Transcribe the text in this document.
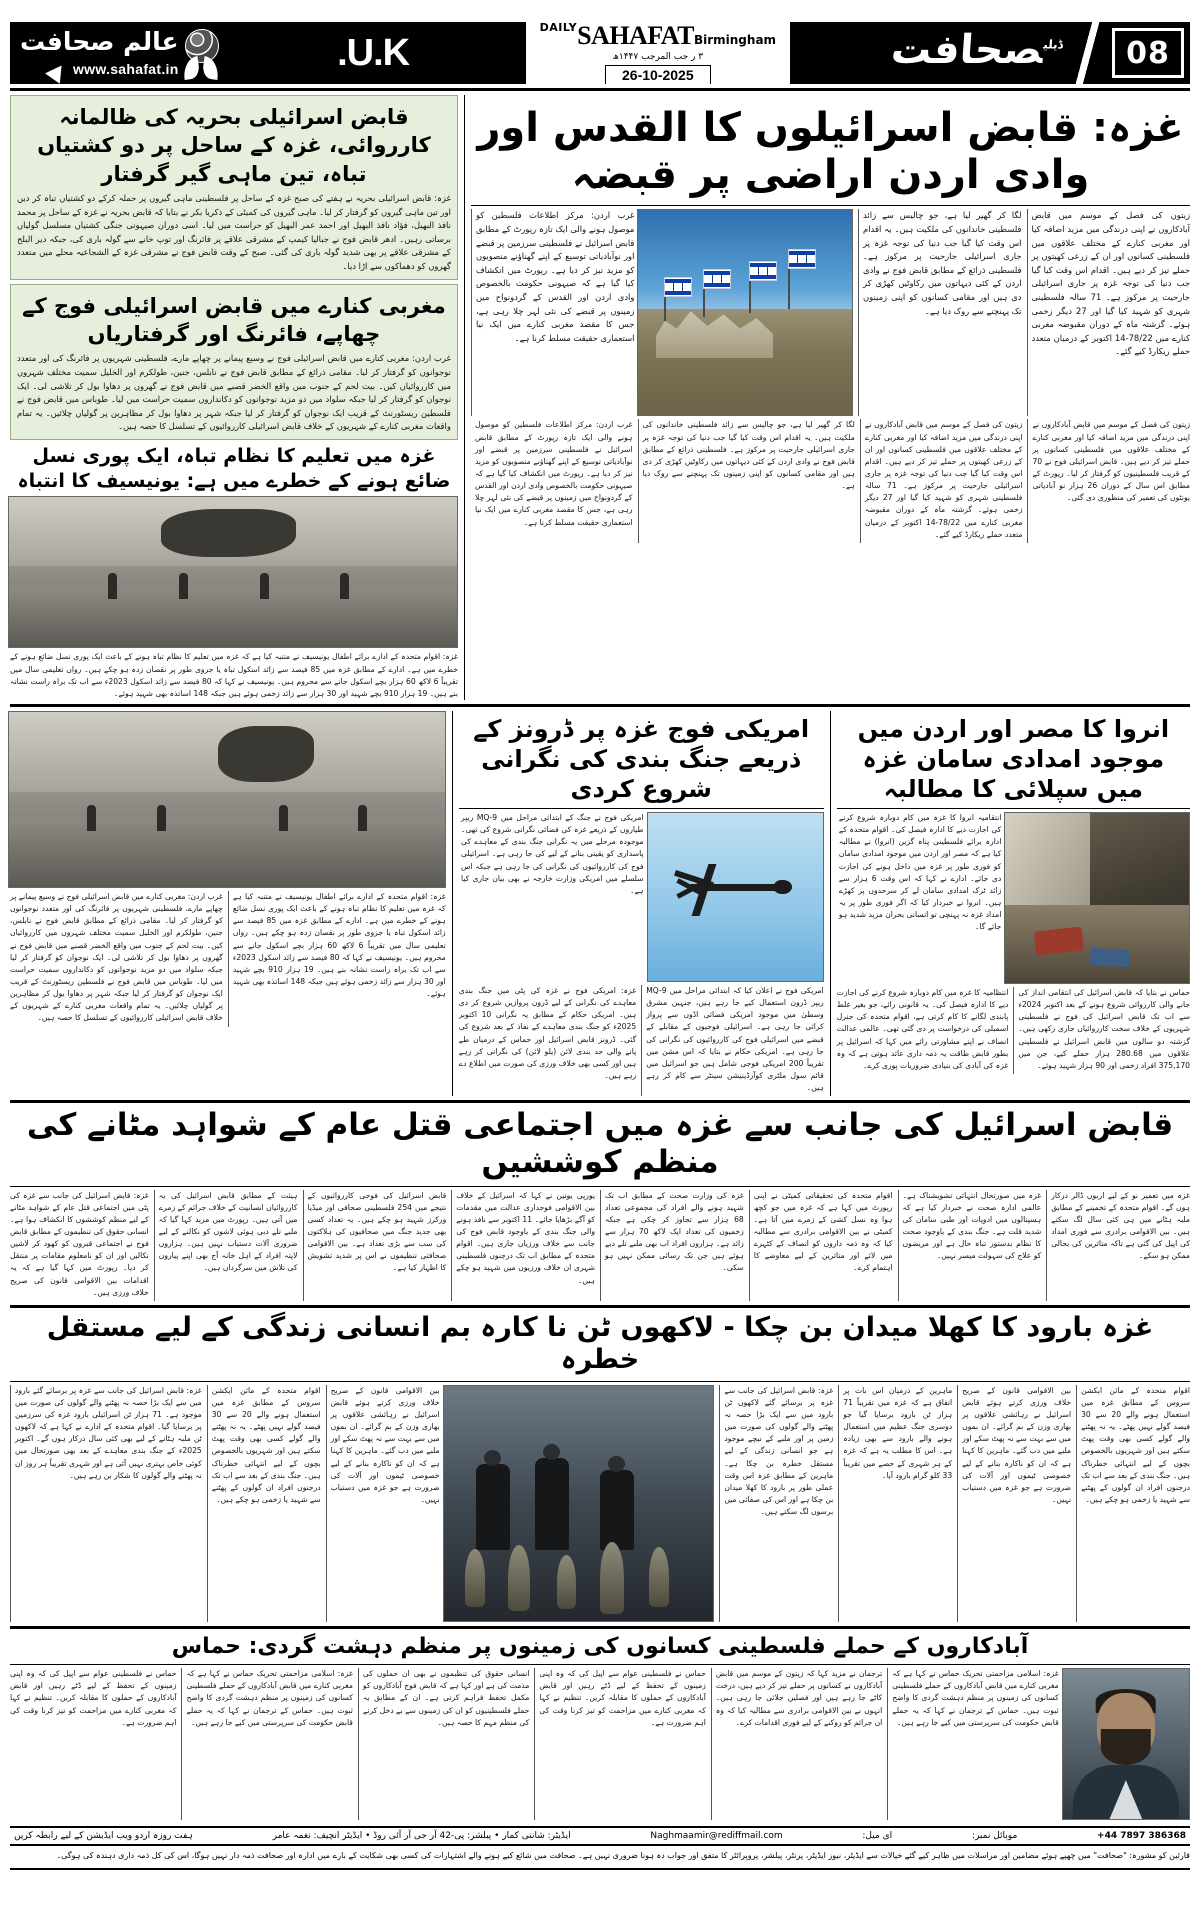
08
$^{ڈیلی}$صحافت
$^{DAILY}$SAHAFATBirmingham
۳ ر جب المرجب ۱۴۴۷ھ
26-10-2025
U.K.
عالم صحافت
www.sahafat.in
غزہ: قابض اسرائیلوں کا القدس اور وادی اردن اراضی پر قبضہ

زیتون کی فصل کے موسم میں قابض آبادکاروں نے اپنی درندگی میں مزید اضافہ کیا اور مغربی کنارے کے مختلف علاقوں میں فلسطینی کسانوں اور ان کے زرعی کھیتوں پر حملے تیز کر دیے ہیں۔ اقدام اس وقت کیا گیا جب دنیا کی توجہ غزہ پر جاری اسرائیلی جارحیت پر مرکوز ہے۔ 71 سالہ فلسطینی شہری کو شہید کیا گیا اور 27 دیگر زخمی ہوئے۔ گزشتہ ماہ کے دوران مقبوضہ مغربی کنارے میں 78/22-14 اکتوبر کے درمیان متعدد حملے ریکارڈ کیے گئے۔

لگا کر گھیر لیا ہے، جو چالیس سے زائد فلسطینی خاندانوں کی ملکیت ہیں۔ یہ اقدام اس وقت کیا گیا جب دنیا کی توجہ غزہ پر جاری اسرائیلی جارحیت پر مرکوز ہے۔ فلسطینی ذرائع کے مطابق قابض فوج نے وادی اردن کے کئی دیہاتوں میں رکاوٹیں کھڑی کر دی ہیں اور مقامی کسانوں کو اپنی زمینوں تک پہنچنے سے روک دیا ہے۔

غرب اردن: مرکز اطلاعات فلسطین کو موصول ہونے والی ایک تازہ رپورٹ کے مطابق قابض اسرائیل نے فلسطینی سرزمین پر قبضے اور نوآبادیاتی توسیع کے اپنے گھناؤنے منصوبوں کو مزید تیز کر دیا ہے۔ رپورٹ میں انکشاف کیا گیا ہے کہ صیہونی حکومت بالخصوص وادی اردن اور القدس کے گردونواح میں زمینوں پر قبضے کی نئی لہر چلا رہی ہے، جس کا مقصد مغربی کنارے میں ایک نیا استعماری حقیقت مسلط کرنا ہے۔

زیتون کی فصل کے موسم میں قابض آبادکاروں نے اپنی درندگی میں مزید اضافہ کیا اور مغربی کنارے کے مختلف علاقوں میں فلسطینی کسانوں پر حملے تیز کر دیے ہیں۔ قابض اسرائیلی فوج نے 70 کے قریب فلسطینیوں کو گرفتار کر لیا۔ رپورٹ کے مطابق اس سال کے دوران 26 ہزار نو آبادیاتی یونٹوں کی تعمیر کی منظوری دی گئی۔

زیتون کی فصل کے موسم میں قابض آبادکاروں نے اپنی درندگی میں مزید اضافہ کیا اور مغربی کنارے کے مختلف علاقوں میں فلسطینی کسانوں اور ان کے زرعی کھیتوں پر حملے تیز کر دیے ہیں۔ اقدام اس وقت کیا گیا جب دنیا کی توجہ غزہ پر جاری اسرائیلی جارحیت پر مرکوز ہے۔ 71 سالہ فلسطینی شہری کو شہید کیا گیا اور 27 دیگر زخمی ہوئے۔ گزشتہ ماہ کے دوران مقبوضہ مغربی کنارے میں 78/22-14 اکتوبر کے درمیان متعدد حملے ریکارڈ کیے گئے۔

لگا کر گھیر لیا ہے، جو چالیس سے زائد فلسطینی خاندانوں کی ملکیت ہیں۔ یہ اقدام اس وقت کیا گیا جب دنیا کی توجہ غزہ پر جاری اسرائیلی جارحیت پر مرکوز ہے۔ فلسطینی ذرائع کے مطابق قابض فوج نے وادی اردن کے کئی دیہاتوں میں رکاوٹیں کھڑی کر دی ہیں اور مقامی کسانوں کو اپنی زمینوں تک پہنچنے سے روک دیا ہے۔

غرب اردن: مرکز اطلاعات فلسطین کو موصول ہونے والی ایک تازہ رپورٹ کے مطابق قابض اسرائیل نے فلسطینی سرزمین پر قبضے اور نوآبادیاتی توسیع کے اپنے گھناؤنے منصوبوں کو مزید تیز کر دیا ہے۔ رپورٹ میں انکشاف کیا گیا ہے کہ صیہونی حکومت بالخصوص وادی اردن اور القدس کے گردونواح میں زمینوں پر قبضے کی نئی لہر چلا رہی ہے، جس کا مقصد مغربی کنارے میں ایک نیا استعماری حقیقت مسلط کرنا ہے۔

قابض اسرائیلی بحریہ کی ظالمانہ کارروائی، غزہ کے ساحل پر دو کشتیاں تباہ، تین ماہی گیر گرفتار
غزہ: قابض اسرائیلی بحریہ نے ہفتے کی صبح غزہ کے ساحل پر فلسطینی ماہی گیروں پر حملہ کرکے دو کشتیاں تباہ کر دیں اور تین ماہی گیروں کو گرفتار کر لیا۔ ماہی گیروں کی کمیٹی کے ذکریا بکر نے بتایا کہ قابض بحریہ نے غزہ کے ساحل پر محمد نافذ البھیل، فؤاد نافذ البھیل اور احمد عمر البھیل کو حراست میں لیا۔ اسی دوران صیہونی جنگی کشتیاں مسلسل گولیاں برساتی رہیں۔ ادھر قابض فوج نے جبالیا کیمپ کے مشرقی علاقے پر فائرنگ اور توپ خانے سے گولہ باری کی، جبکہ دیر البلح کے مشرقی علاقے پر بھی شدید گولہ باری کی گئی۔ صبح کے وقت قابض فوج نے مشرقی غزہ کے الشجاعیہ محلے میں متعدد گھروں کو دھماکوں سے اڑا دیا۔
مغربی کنارے میں قابض اسرائیلی فوج کے چھاپے، فائرنگ اور گرفتاریاں
غرب اردن: مغربی کنارے میں قابض اسرائیلی فوج نے وسیع پیمانے پر چھاپے مارے، فلسطینی شہریوں پر فائرنگ کی اور متعدد نوجوانوں کو گرفتار کر لیا۔ مقامی ذرائع کے مطابق قابض فوج نے نابلس، جنین، طولکرم اور الخلیل سمیت مختلف شہروں میں کارروائیاں کیں۔ بیت لحم کے جنوب میں واقع الخضر قصبے میں قابض فوج نے گھروں پر دھاوا بول کر تلاشی لی۔ ایک نوجوان کو گرفتار کر لیا جبکہ سلواد میں دو مزید نوجوانوں کو دکانداروں سمیت حراست میں لیا۔ طوباس میں قابض فوج نے فلسطین ریسٹورنٹ کے قریب ایک نوجوان کو گرفتار کر لیا جبکہ شہر پر دھاوا بول کر مظاہرین پر گولیاں چلائیں۔ یہ تمام واقعات مغربی کنارے کے شہریوں کے خلاف قابض اسرائیلی کارروائیوں کے تسلسل کا حصہ ہیں۔
غزہ میں تعلیم کا نظام تباہ، ایک پوری نسل ضائع ہونے کے خطرے میں ہے: یونیسیف کا انتباہ
غزہ: اقوام متحدہ کے ادارے برائے اطفال یونیسیف نے متنبہ کیا ہے کہ غزہ میں تعلیم کا نظام تباہ ہونے کے باعث ایک پوری نسل ضائع ہونے کے خطرے میں ہے۔ ادارے کے مطابق غزہ میں 85 فیصد سے زائد اسکول تباہ یا جزوی طور پر نقصان زدہ ہو چکے ہیں۔ رواں تعلیمی سال میں تقریباً 6 لاکھ 60 ہزار بچے اسکول جانے سے محروم ہیں۔ یونیسیف نے کہا کہ 80 فیصد سے زائد اسکول 2023ء سے اب تک براہ راست نشانہ بنے ہیں۔ 19 ہزار 910 بچے شہید اور 30 ہزار سے زائد زخمی ہوئے ہیں جبکہ 148 اساتذہ بھی شہید ہوئے۔
انروا کا مصر اور اردن میں موجود امدادی سامان غزہ میں سپلائی کا مطالبہ

انتقامیہ انروا کا غزہ میں کام دوبارہ شروع کرنے کی اجازت دیے کا ادارہ فیصل کی۔ اقوام متحدہ کے ادارہ برائے فلسطینی پناہ گزین (انروا) نے مطالبہ کیا ہے کہ مصر اور اردن میں موجود امدادی سامان کو فوری طور پر غزہ میں داخل ہونے کی اجازت دی جائے۔ ادارے نے کہا کہ اس وقت 6 ہزار سے زائد ٹرک امدادی سامان لے کر سرحدوں پر کھڑے ہیں۔ انروا نے خبردار کیا کہ اگر فوری طور پر یہ امداد غزہ نہ پہنچی تو انسانی بحران مزید شدید ہو جائے گا۔

حماس نے بتایا کہ قابض اسرائیل کی انتقامی انداز کی جانے والی کارروائی شروع ہونے کے بعد اکتوبر 2024ء سے اب تک قابض اسرائیل کی فوج نے فلسطینی شہریوں کے خلاف سخت کارروائیاں جاری رکھی ہیں۔ گزشتہ دو سالوں میں قابض اسرائیل نے فلسطینی علاقوں میں 280.68 ہزار حملے کیے، جن میں 375,170 افراد زخمی اور 90 ہزار شہید ہوئے۔

انتظامیہ کا غزہ میں کام دوبارہ شروع کرنے کی اجازت دیے کا ادارہ فیصل کی۔ یہ قانونی رائے، جو بغیر غلط پابندی لگانے کا کام کرتی ہے، اقوام متحدہ کی جنرل اسمبلی کی درخواست پر دی گئی تھی۔ عالمی عدالت انصاف نے اپنے مشاورتی رائے میں کہا کہ اسرائیل پر بطور قابض طاقت یہ ذمہ داری عائد ہوتی ہے کہ وہ غزہ کی آبادی کی بنیادی ضروریات پوری کرے۔

امریکی فوج غزہ پر ڈرونز کے ذریعے جنگ بندی کی نگرانی شروع کردی

امریکی فوج نے جنگ کے ابتدائی مراحل میں MQ-9 ریپر طیاروں کے ذریعے غزہ کی فضائی نگرانی شروع کی تھی۔ موجودہ مرحلے میں یہ نگرانی جنگ بندی کے معاہدے کی پاسداری کو یقینی بنانے کے لیے کی جا رہی ہے۔ اسرائیلی فوج کی کارروائیوں کی نگرانی کی جا رہی ہے جبکہ اس سلسلے میں امریکی وزارت خارجہ نے بھی بیان جاری کیا ہے۔

امریکی فوج نے اعلان کیا کہ ابتدائی مراحل میں MQ-9 ریپر ڈرون استعمال کیے جا رہے ہیں، جنہیں مشرق وسطیٰ میں موجود امریکی فضائی اڈوں سے پرواز کرائی جا رہی ہے۔ اسرائیلی فوجیوں کے مقابلے کے قبضے میں اسرائیلی فوج کی کارروائیوں کی نگرانی کی جا رہی ہے۔ امریکی حکام نے بتایا کہ اس مشن میں تقریباً 200 امریکی فوجی شامل ہیں جو اسرائیل میں قائم سول ملٹری کوآرڈینیشن سینٹر سے کام کر رہے ہیں۔

غزہ: امریکی فوج نے غزہ کی پٹی میں جنگ بندی معاہدے کی نگرانی کے لیے ڈرون پروازیں شروع کر دی ہیں۔ امریکی حکام کے مطابق یہ نگرانی 10 اکتوبر 2025ء کو جنگ بندی معاہدے کے نفاذ کے بعد شروع کی گئی۔ ڈرونز قابض اسرائیل اور حماس کے درمیان طے پانے والی حد بندی لائن (یلو لائن) کی نگرانی کر رہے ہیں اور کسی بھی خلاف ورزی کی صورت میں اطلاع دے رہے ہیں۔

غزہ: اقوام متحدہ کے ادارے برائے اطفال یونیسیف نے متنبہ کیا ہے کہ غزہ میں تعلیم کا نظام تباہ ہونے کے باعث ایک پوری نسل ضائع ہونے کے خطرے میں ہے۔ ادارے کے مطابق غزہ میں 85 فیصد سے زائد اسکول تباہ یا جزوی طور پر نقصان زدہ ہو چکے ہیں۔ رواں تعلیمی سال میں تقریباً 6 لاکھ 60 ہزار بچے اسکول جانے سے محروم ہیں۔ یونیسیف نے کہا کہ 80 فیصد سے زائد اسکول 2023ء سے اب تک براہ راست نشانہ بنے ہیں۔ 19 ہزار 910 بچے شہید اور 30 ہزار سے زائد زخمی ہوئے ہیں جبکہ 148 اساتذہ بھی شہید ہوئے۔

غرب اردن: مغربی کنارے میں قابض اسرائیلی فوج نے وسیع پیمانے پر چھاپے مارے، فلسطینی شہریوں پر فائرنگ کی اور متعدد نوجوانوں کو گرفتار کر لیا۔ مقامی ذرائع کے مطابق قابض فوج نے نابلس، جنین، طولکرم اور الخلیل سمیت مختلف شہروں میں کارروائیاں کیں۔ بیت لحم کے جنوب میں واقع الخضر قصبے میں قابض فوج نے گھروں پر دھاوا بول کر تلاشی لی۔ ایک نوجوان کو گرفتار کر لیا جبکہ سلواد میں دو مزید نوجوانوں کو دکانداروں سمیت حراست میں لیا۔ طوباس میں قابض فوج نے فلسطین ریسٹورنٹ کے قریب ایک نوجوان کو گرفتار کر لیا جبکہ شہر پر دھاوا بول کر مظاہرین پر گولیاں چلائیں۔ یہ تمام واقعات مغربی کنارے کے شہریوں کے خلاف قابض اسرائیلی کارروائیوں کے تسلسل کا حصہ ہیں۔

قابض اسرائیل کی جانب سے غزہ میں اجتماعی قتل عام کے شواہد مٹانے کی منظم کوششیں

غزہ میں تعمیر نو کے لیے اربوں ڈالر درکار ہوں گے۔ اقوام متحدہ کے تخمینے کے مطابق ملبہ ہٹانے میں ہی کئی سال لگ سکتے ہیں۔ بین الاقوامی برادری سے فوری امداد کی اپیل کی گئی ہے تاکہ متاثرین کی بحالی ممکن ہو سکے۔

غزہ میں صورتحال انتہائی تشویشناک ہے۔ عالمی ادارہ صحت نے خبردار کیا ہے کہ ہسپتالوں میں ادویات اور طبی سامان کی شدید قلت ہے۔ جنگ بندی کے باوجود صحت کا نظام بدستور تباہ حال ہے اور مریضوں کو علاج کی سہولت میسر نہیں۔

اقوام متحدہ کی تحقیقاتی کمیٹی نے اپنی رپورٹ میں کہا ہے کہ غزہ میں جو کچھ ہوا وہ نسل کشی کے زمرے میں آتا ہے۔ کمیٹی نے بین الاقوامی برادری سے مطالبہ کیا کہ وہ ذمہ داروں کو انصاف کے کٹہرے میں لائے اور متاثرین کے لیے معاوضے کا اہتمام کرے۔

غزہ کی وزارت صحت کے مطابق اب تک شہید ہونے والے افراد کی مجموعی تعداد 68 ہزار سے تجاوز کر چکی ہے جبکہ زخمیوں کی تعداد ایک لاکھ 70 ہزار سے زائد ہے۔ ہزاروں افراد اب بھی ملبے تلے دبے ہوئے ہیں جن تک رسائی ممکن نہیں ہو سکی۔

یورپی یونین نے کہا کہ اسرائیل کے خلاف بین الاقوامی فوجداری عدالت میں مقدمات کو آگے بڑھایا جائے۔ 11 اکتوبر سے نافذ ہونے والی جنگ بندی کے باوجود قابض فوج کی جانب سے خلاف ورزیاں جاری ہیں۔ اقوام متحدہ کے مطابق اب تک درجنوں فلسطینی شہری ان خلاف ورزیوں میں شہید ہو چکے ہیں۔

قابض اسرائیل کی فوجی کارروائیوں کے نتیجے میں 254 فلسطینی صحافی اور میڈیا ورکرز شہید ہو چکے ہیں۔ یہ تعداد کسی بھی جدید جنگ میں صحافیوں کی ہلاکتوں کی سب سے بڑی تعداد ہے۔ بین الاقوامی صحافتی تنظیموں نے اس پر شدید تشویش کا اظہار کیا ہے۔

ہیئت کے مطابق قابض اسرائیل کی یہ کارروائیاں انسانیت کے خلاف جرائم کے زمرے میں آتی ہیں۔ رپورٹ میں مزید کہا گیا کہ ملبے تلے دبی ہوئی لاشوں کو نکالنے کے لیے ضروری آلات دستیاب نہیں ہیں۔ ہزاروں لاپتہ افراد کے اہل خانہ آج بھی اپنے پیاروں کی تلاش میں سرگرداں ہیں۔

غزہ: قابض اسرائیل کی جانب سے غزہ کی پٹی میں اجتماعی قتل عام کے شواہد مٹانے کے لیے منظم کوششوں کا انکشاف ہوا ہے۔ انسانی حقوق کی تنظیموں کے مطابق قابض فوج نے اجتماعی قبروں کو کھود کر لاشیں نکالیں اور ان کو نامعلوم مقامات پر منتقل کر دیا۔ رپورٹ میں کہا گیا ہے کہ یہ اقدامات بین الاقوامی قانون کی صریح خلاف ورزی ہیں۔

غزہ بارود کا کھلا میدان بن چکا - لاکھوں ٹن نا کارہ بم انسانی زندگی کے لیے مستقل خطرہ

اقوام متحدہ کے مائن ایکشن سروس کے مطابق غزہ میں استعمال ہونے والے 20 سے 30 فیصد گولے نہیں پھٹے۔ یہ نہ پھٹنے والے گولے کسی بھی وقت پھٹ سکتے ہیں اور شہریوں بالخصوص بچوں کے لیے انتہائی خطرناک ہیں۔ جنگ بندی کے بعد سے اب تک درجنوں افراد ان گولوں کے پھٹنے سے شہید یا زخمی ہو چکے ہیں۔

بین الاقوامی قانون کے صریح خلاف ورزی کرتے ہوئے قابض اسرائیل نے رہائشی علاقوں پر بھاری وزن کے بم گرائے۔ ان بموں میں سے بہت سے نہ پھٹ سکے اور ملبے میں دب گئے۔ ماہرین کا کہنا ہے کہ ان کو ناکارہ بنانے کے لیے خصوصی ٹیموں اور آلات کی ضرورت ہے جو غزہ میں دستیاب نہیں۔

ماہرین کے درمیان اس بات پر اتفاق ہے کہ غزہ میں تقریباً 71 ہزار ٹن بارود برسایا گیا جو دوسری جنگ عظیم میں استعمال ہونے والے بارود سے بھی زیادہ ہے۔ اس کا مطلب یہ ہے کہ غزہ کے ہر شہری کے حصے میں تقریباً 33 کلو گرام بارود آیا۔

غزہ: قابض اسرائیل کی جانب سے غزہ پر برسائے گئے لاکھوں ٹن بارود میں سے ایک بڑا حصہ نہ پھٹنے والے گولوں کی صورت میں زمین پر اور ملبے کے نیچے موجود ہے جو انسانی زندگی کے لیے مستقل خطرہ بن چکا ہے۔ ماہرین کے مطابق غزہ اس وقت عملی طور پر بارود کا کھلا میدان بن چکا ہے اور اس کی صفائی میں برسوں لگ سکتے ہیں۔

بین الاقوامی قانون کے صریح خلاف ورزی کرتے ہوئے قابض اسرائیل نے رہائشی علاقوں پر بھاری وزن کے بم گرائے۔ ان بموں میں سے بہت سے نہ پھٹ سکے اور ملبے میں دب گئے۔ ماہرین کا کہنا ہے کہ ان کو ناکارہ بنانے کے لیے خصوصی ٹیموں اور آلات کی ضرورت ہے جو غزہ میں دستیاب نہیں۔

اقوام متحدہ کے مائن ایکشن سروس کے مطابق غزہ میں استعمال ہونے والے 20 سے 30 فیصد گولے نہیں پھٹے۔ یہ نہ پھٹنے والے گولے کسی بھی وقت پھٹ سکتے ہیں اور شہریوں بالخصوص بچوں کے لیے انتہائی خطرناک ہیں۔ جنگ بندی کے بعد سے اب تک درجنوں افراد ان گولوں کے پھٹنے سے شہید یا زخمی ہو چکے ہیں۔

غزہ: قابض اسرائیل کی جانب سے غزہ پر برسائے گئے بارود میں سے ایک بڑا حصہ نہ پھٹنے والے گولوں کی صورت میں موجود ہے۔ 71 ہزار ٹن اسرائیلی بارود غزہ کی سرزمین پر برسایا گیا۔ اقوام متحدہ کے ادارے نے کہا ہے کہ لاکھوں ٹن ملبہ ہٹانے کے لیے بھی کئی سال درکار ہوں گے۔ اکتوبر 2025ء کے جنگ بندی معاہدے کے بعد بھی صورتحال میں کوئی خاص بہتری نہیں آئی ہے اور شہری تقریباً ہر روز ان نہ پھٹنے والے گولوں کا شکار بن رہے ہیں۔

آبادکاروں کے حملے فلسطینی کسانوں کی زمینوں پر منظم دہشت گردی: حماس

غزہ: اسلامی مزاحمتی تحریک حماس نے کہا ہے کہ مغربی کنارے میں قابض آبادکاروں کے حملے فلسطینی کسانوں کی زمینوں پر منظم دہشت گردی کا واضح ثبوت ہیں۔ حماس کے ترجمان نے کہا کہ یہ حملے قابض حکومت کی سرپرستی میں کیے جا رہے ہیں۔

ترجمان نے مزید کہا کہ زیتون کے موسم میں قابض آبادکاروں نے کسانوں پر حملے تیز کر دیے ہیں، درخت کاٹے جا رہے ہیں اور فصلیں جلائی جا رہی ہیں۔ انہوں نے بین الاقوامی برادری سے مطالبہ کیا کہ وہ ان جرائم کو روکنے کے لیے فوری اقدامات کرے۔

حماس نے فلسطینی عوام سے اپیل کی کہ وہ اپنی زمینوں کے تحفظ کے لیے ڈٹے رہیں اور قابض آبادکاروں کے حملوں کا مقابلہ کریں۔ تنظیم نے کہا کہ مغربی کنارے میں مزاحمت کو تیز کرنا وقت کی اہم ضرورت ہے۔

انسانی حقوق کی تنظیموں نے بھی ان حملوں کی مذمت کی ہے اور کہا ہے کہ قابض فوج آبادکاروں کو مکمل تحفظ فراہم کرتی ہے۔ ان کے مطابق یہ حملے فلسطینیوں کو ان کی زمینوں سے بے دخل کرنے کی منظم مہم کا حصہ ہیں۔

غزہ: اسلامی مزاحمتی تحریک حماس نے کہا ہے کہ مغربی کنارے میں قابض آبادکاروں کے حملے فلسطینی کسانوں کی زمینوں پر منظم دہشت گردی کا واضح ثبوت ہیں۔ حماس کے ترجمان نے کہا کہ یہ حملے قابض حکومت کی سرپرستی میں کیے جا رہے ہیں۔

حماس نے فلسطینی عوام سے اپیل کی کہ وہ اپنی زمینوں کے تحفظ کے لیے ڈٹے رہیں اور قابض آبادکاروں کے حملوں کا مقابلہ کریں۔ تنظیم نے کہا کہ مغربی کنارے میں مزاحمت کو تیز کرنا وقت کی اہم ضرورت ہے۔

+44 7897 386368
موبائل نمبر:
ای میل:
Naghmaamir@rediffmail.com
ایڈیٹر: شانتی کمار • پبلشر: پی-42 آر جی آر آئی روڈ • ایڈیٹر انچیف: نغمہ عامر
ہفت روزہ اردو ویب ایڈیشن کے لیے رابطہ کریں
قارئین کو مشورہ: "صحافت" میں چھپے ہوئے مضامین اور مراسلات میں ظاہر کیے گئے خیالات سے ایڈیٹر، نیوز ایڈیٹر، پرنٹر، پبلشر، پروپرائٹر کا متفق اور جواب دہ ہونا ضروری نہیں ہے۔ صحافت میں شائع کیے ہونے والے اشتہارات کی کسی بھی شکایت کے بارے میں ادارہ اور صحافت ذمہ دار نہیں ہوگا، اس کی کل ذمہ داری دہندہ کی ہوگی۔
